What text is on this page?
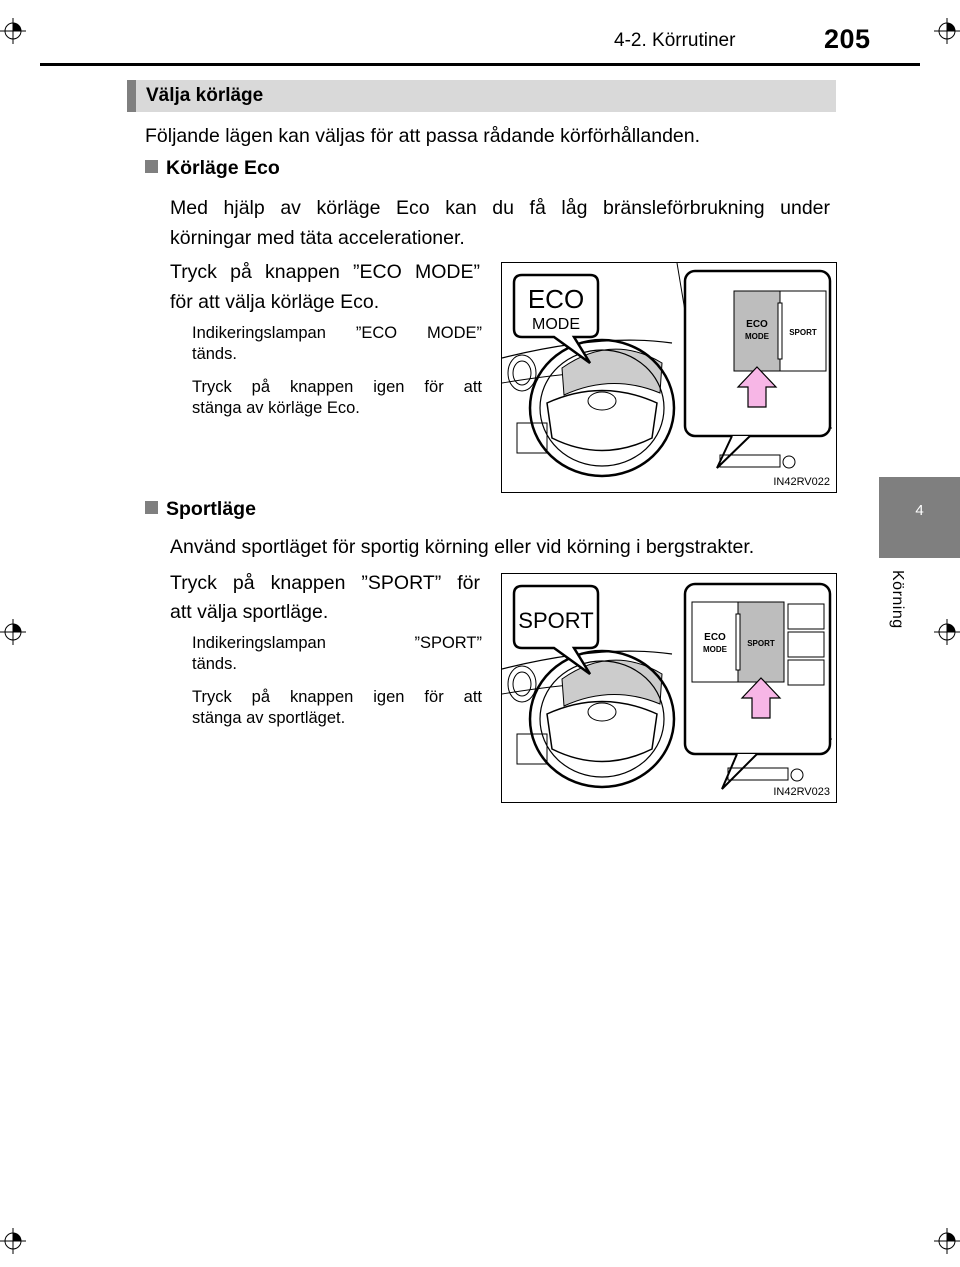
4-2. Körrutiner	205
4
Körning
Välja körläge
Följande lägen kan väljas för att passa rådande körförhållanden.
Körläge Eco
Med hjälp av körläge Eco kan du få låg bränsleförbrukning under
körningar med täta accelerationer.
Tryck på knappen ”ECO MODE”
för att välja körläge Eco.
Indikeringslampan ”ECO MODE”
tänds.
Tryck på knappen igen för att
stänga av körläge Eco.
ECO
MODE	ECO
MODE	SPORT
IN42RV022
Sportläge
Använd sportläget för sportig körning eller vid körning i bergstrakter.
Tryck på knappen ”SPORT” för
att välja sportläge.
Indikeringslampan ”SPORT”
tänds.
Tryck på knappen igen för att
stänga av sportläget.
SPORT
ECO
MODE
SPORT
IN42RV023
